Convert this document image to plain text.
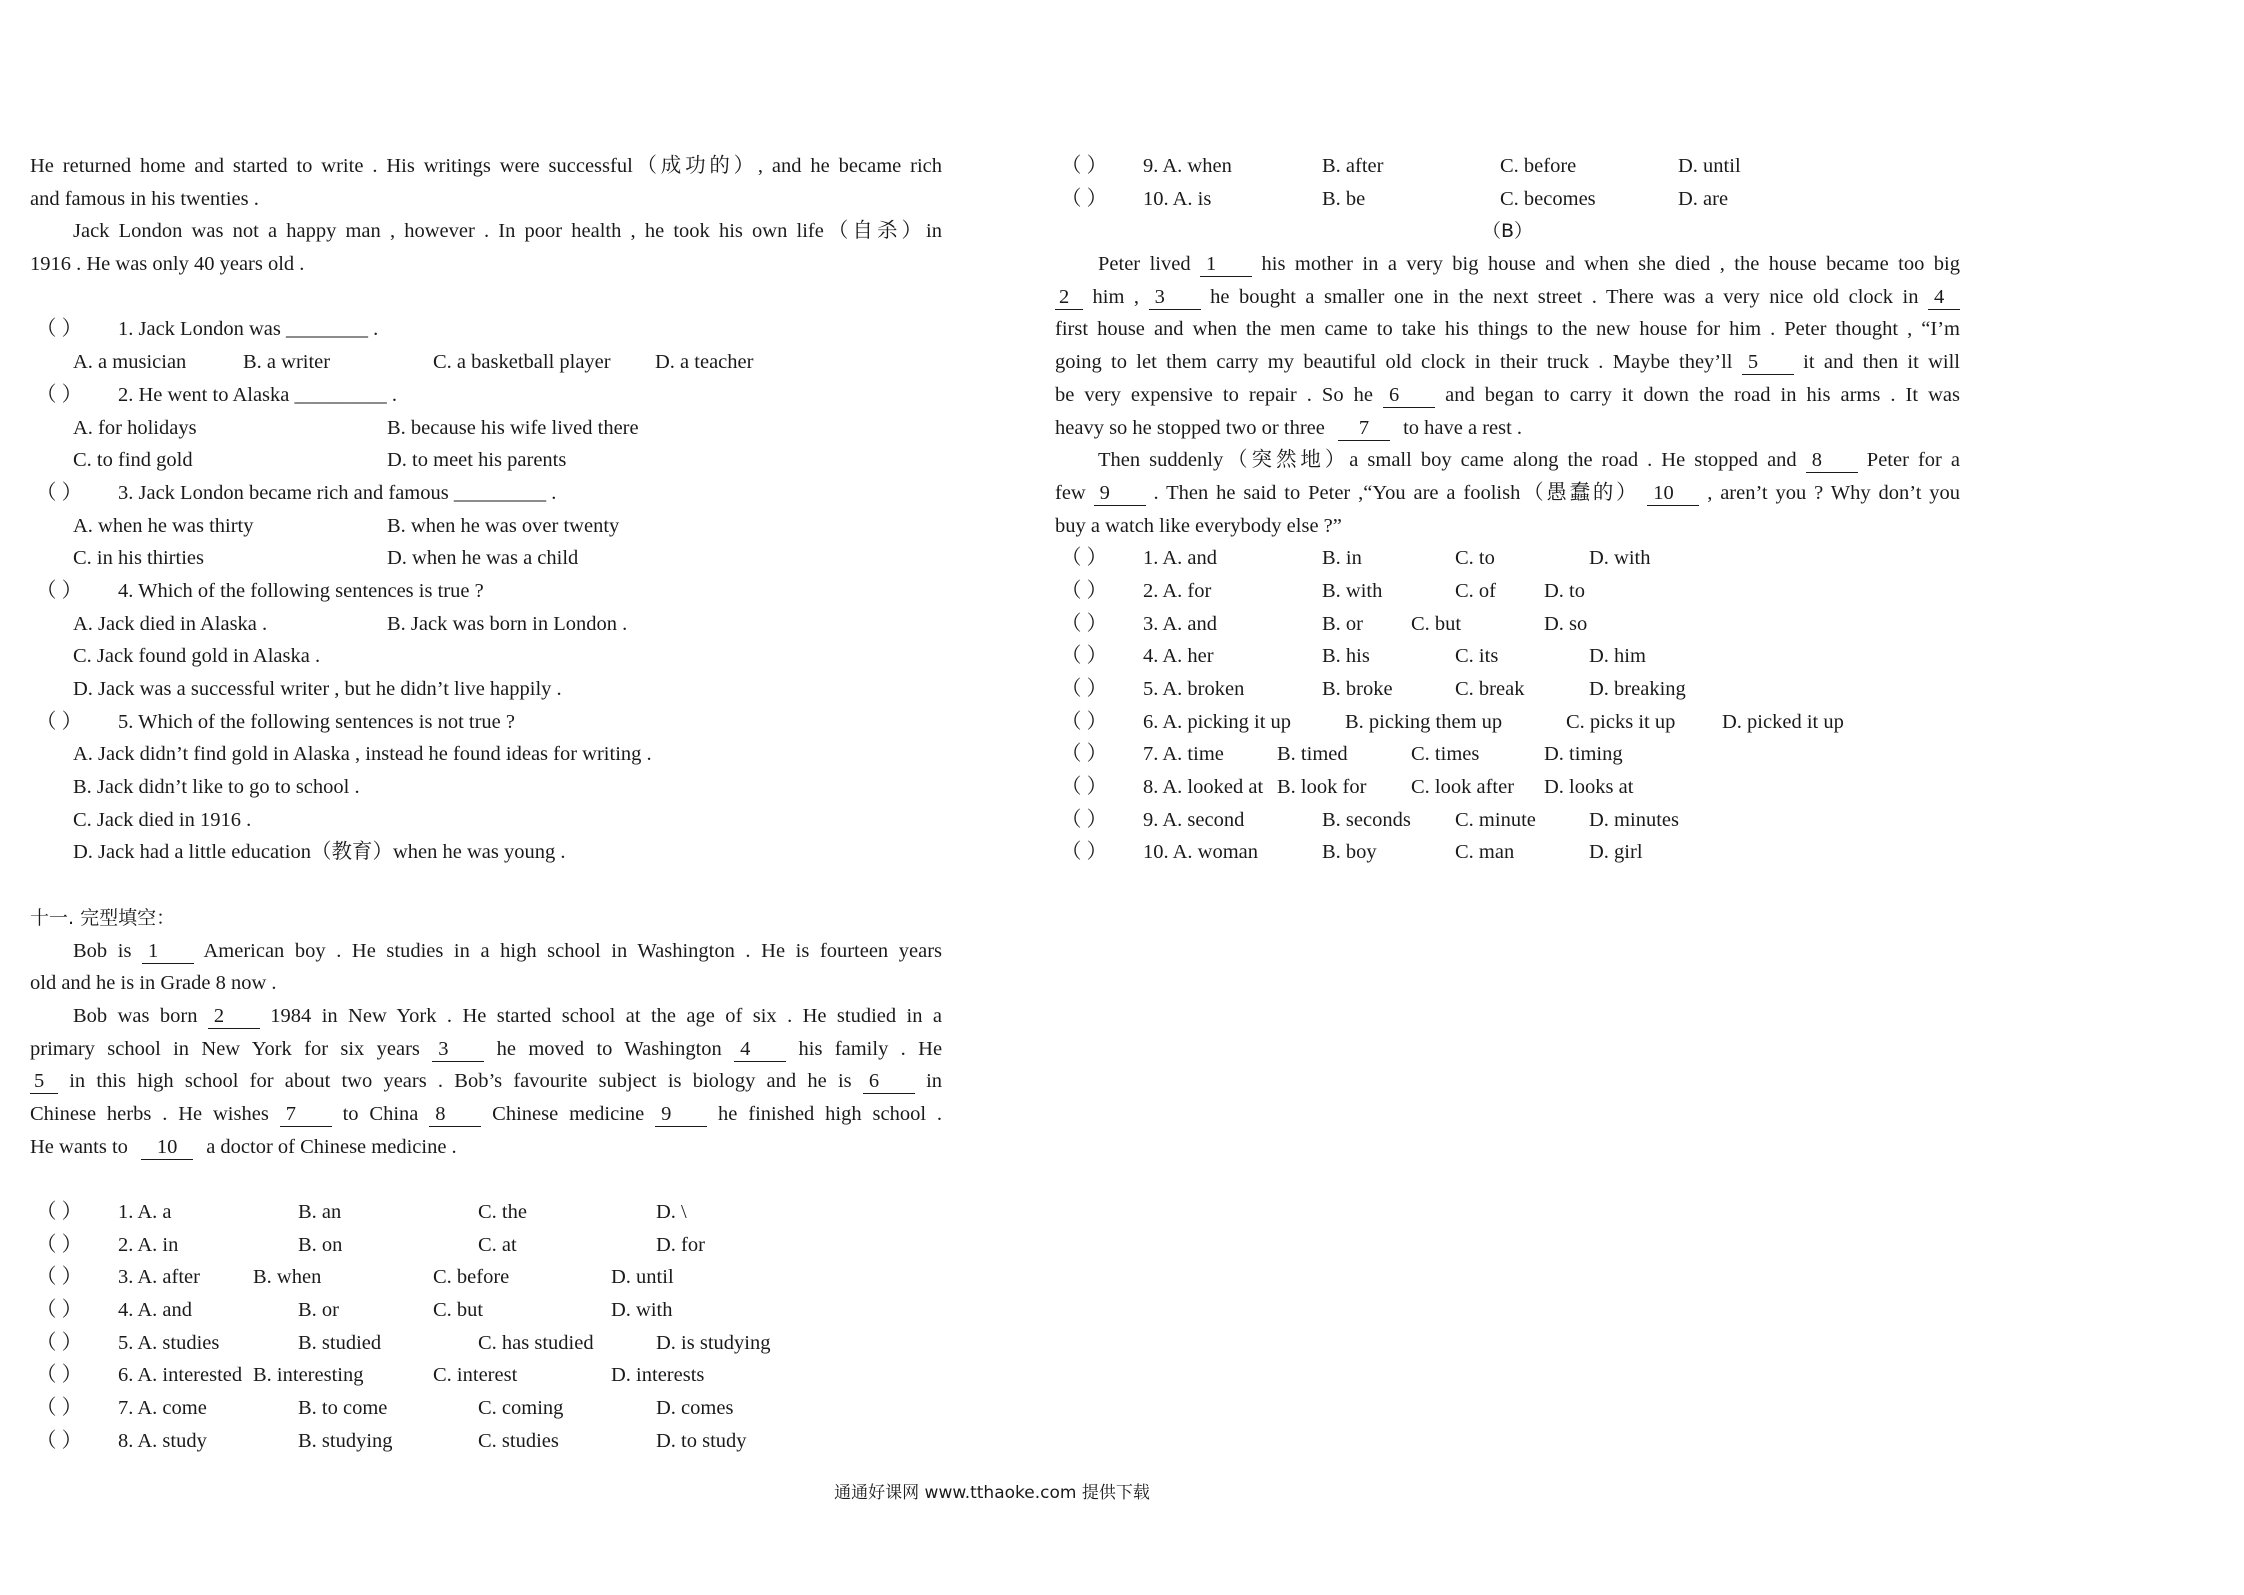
He returned home and started to write . His writings were successful（成功的）, and he became rich
and famous in his twenties .
Jack London was not a happy man , however . In poor health , he took his own life（自杀）in
1916 . He was only 40 years old .
（ ） 1. Jack London was ________ .
A. a musician	B. a writer	C. a basketball player D. a teacher
（ ） 2. He went to Alaska _________ .
A. for holidays	B. because his wife lived there
C. to find gold	D. to meet his parents
（ ） 3. Jack London became rich and famous _________ .
A. when he was thirty	B. when he was over twenty
C. in his thirties	D. when he was a child
（ ） 4. Which of the following sentences is true ?
A. Jack died in Alaska .	B. Jack was born in London .
C. Jack found gold in Alaska .
D. Jack was a successful writer , but he didn’t live happily .
（ ） 5. Which of the following sentences is not true ?
A. Jack didn’t find gold in Alaska , instead he found ideas for writing .
B. Jack didn’t like to go to school .
C. Jack died in 1916 .
D. Jack had a little education（教育）when he was young .
十一. 完型填空：
Bob is 1 American boy . He studies in a high school in Washington . He is fourteen years
old and he is in Grade 8 now .
Bob was born 2 1984 in New York . He started school at the age of six . He studied in a
primary school in New York for six years 3 he moved to Washington 4 his family . He
5 in this high school for about two years . Bob’s favourite subject is biology and he is 6 in
Chinese herbs . He wishes 7 to China 8 Chinese medicine 9 he finished high school .
He wants to 10 a doctor of Chinese medicine .
（ ） 1. A. a	B. an	C. the	D. \
（ ） 2. A. in	B. on	C. at	D. for
（ ） 3. A. after	B. when	C. before	D. until
（ ） 4. A. and	B. or	C. but	D. with
（ ） 5. A. studies	B. studied	C. has studied	D. is studying
（ ） 6. A. interested B. interesting	C. interest	D. interests
（ ） 7. A. come	B. to come	C. coming	D. comes
（ ） 8. A. study	B. studying	C. studies	D. to study
（ ） 9. A. when	B. after	C. before	D. until
（ ） 10. A. is	B. be	C. becomes	D. are
（B）
Peter lived 1 his mother in a very big house and when she died , the house became too big
2 him , 3 he bought a smaller one in the next street . There was a very nice old clock in 4
first house and when the men came to take his things to the new house for him . Peter thought , “I’m
going to let them carry my beautiful old clock in their truck . Maybe they’ll 5 it and then it will
be very expensive to repair . So he 6 and began to carry it down the road in his arms . It was
heavy so he stopped two or three 7 to have a rest .
Then suddenly（突然地）a small boy came along the road . He stopped and 8 Peter for a
few 9 . Then he said to Peter ,“You are a foolish（愚蠢的） 10 , aren’t you ? Why don’t you
buy a watch like everybody else ?”
（ ） 1. A. and	B. in	C. to	D. with
（ ） 2. A. for	B. with	C. of D. to
（ ） 3. A. and	B. or C. but	D. so
（ ） 4. A. her	B. his	C. its	D. him
（ ） 5. A. broken	B. broke	C. break	D. breaking
（ ） 6. A. picking it up	B. picking them up	C. picks it up D. picked it up
（ ） 7. A. time	B. timed	C. times	D. timing
（ ） 8. A. looked at B. look for C. look after D. looks at
（ ） 9. A. second	B. seconds C. minute	D. minutes
（ ） 10. A. woman	B. boy	C. man	D. girl
通通好课网 www.tthaoke.com 提供下载
